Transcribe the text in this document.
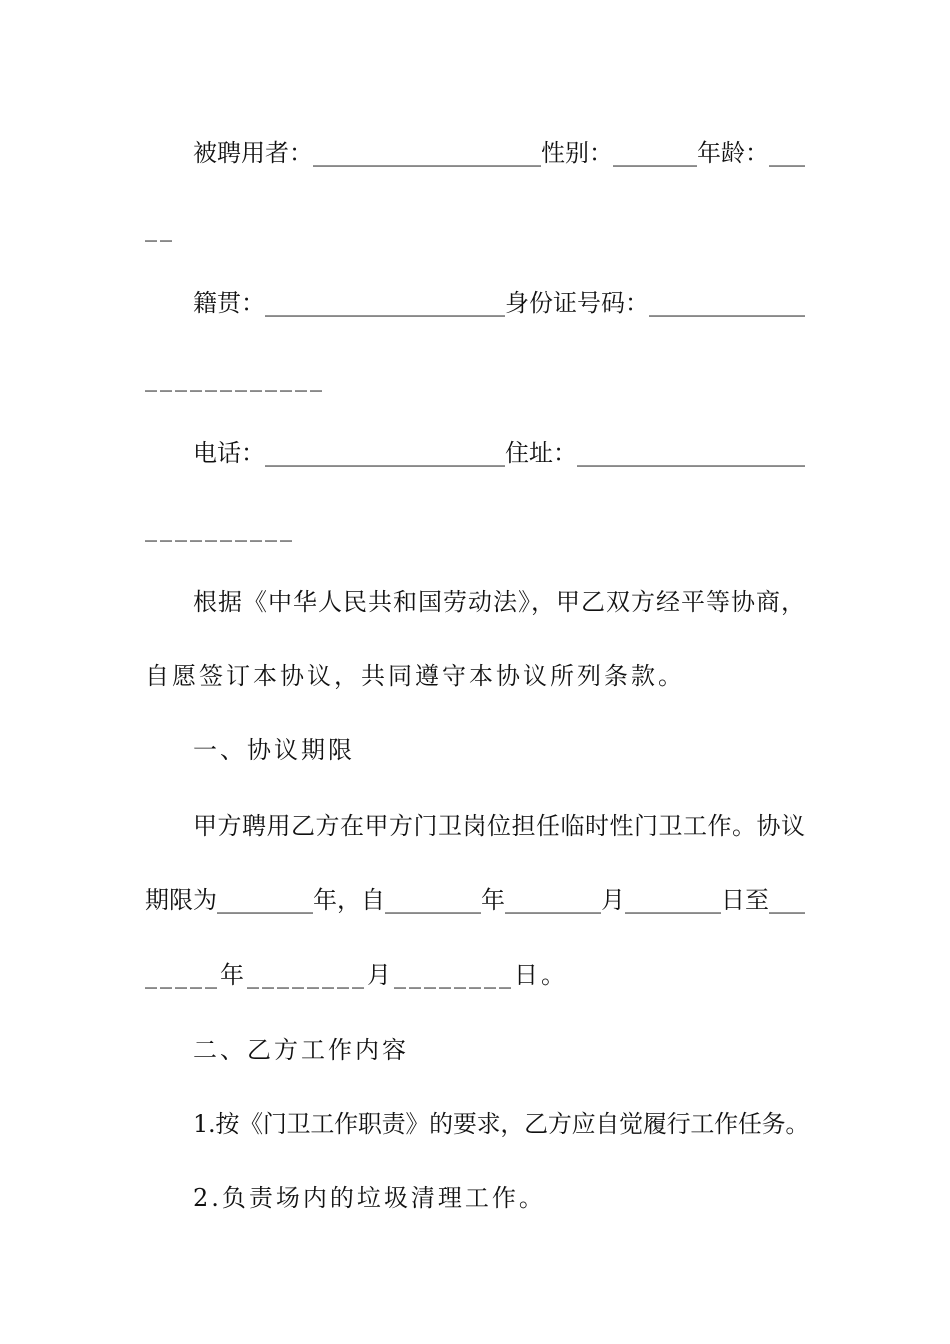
被聘用者：___________________性别：_______年龄：___
__
籍贯：____________________身份证号码：_____________
____________
电话：____________________住址：___________________
__________
根据《中华人民共和国劳动法》，甲乙双方经平等协商，
自愿签订本协议，共同遵守本协议所列条款。
一、协议期限
甲方聘用乙方在甲方门卫岗位担任临时性门卫工作。协议
期限为________年，自________年________月________日至___
_____年________月________日。
二、乙方工作内容
1.按《门卫工作职责》的要求，乙方应自觉履行工作任务。
2.负责场内的垃圾清理工作。
